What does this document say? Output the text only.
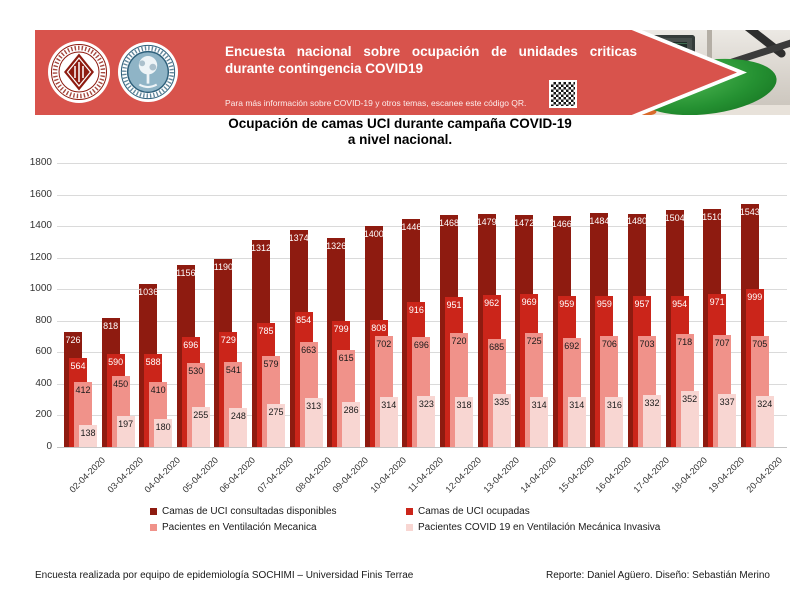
Encuesta nacional sobre ocupación de unidades criticas durante contingencia COVID19
Para más información sobre COVID-19 y otros temas, escanee este código QR.
Ocupación de camas UCI durante campaña COVID-19
a nivel nacional.
0
200
400
600
800
1000
1200
1400
1600
1800
726
564
412
138
818
590
450
197
1036
588
410
180
1156
696
530
255
1190
729
541
248
1312
785
579
275
1374
854
663
313
1326
799
615
286
1400
808
702
314
1446
916
696
323
1468
951
720
318
1479
962
685
335
1472
969
725
314
1466
959
692
314
1484
959
706
316
1480
957
703
332
1504
954
718
352
1510
971
707
337
1543
999
705
324
02-04-2020
03-04-2020
04-04-2020
05-04-2020
06-04-2020
07-04-2020
08-04-2020
09-04-2020
10-04-2020
11-04-2020
12-04-2020
13-04-2020
14-04-2020
15-04-2020
16-04-2020
17-04-2020
18-04-2020
19-04-2020
20-04-2020
Camas de UCI consultadas disponibles	Camas de UCI ocupadas
Pacientes en Ventilación Mecanica	Pacientes COVID 19 en Ventilación Mecánica Invasiva
Encuesta realizada por equipo de epidemiología SOCHIMI – Universidad Finis Terrae	Reporte: Daniel Agüero. Diseño: Sebastián Merino
